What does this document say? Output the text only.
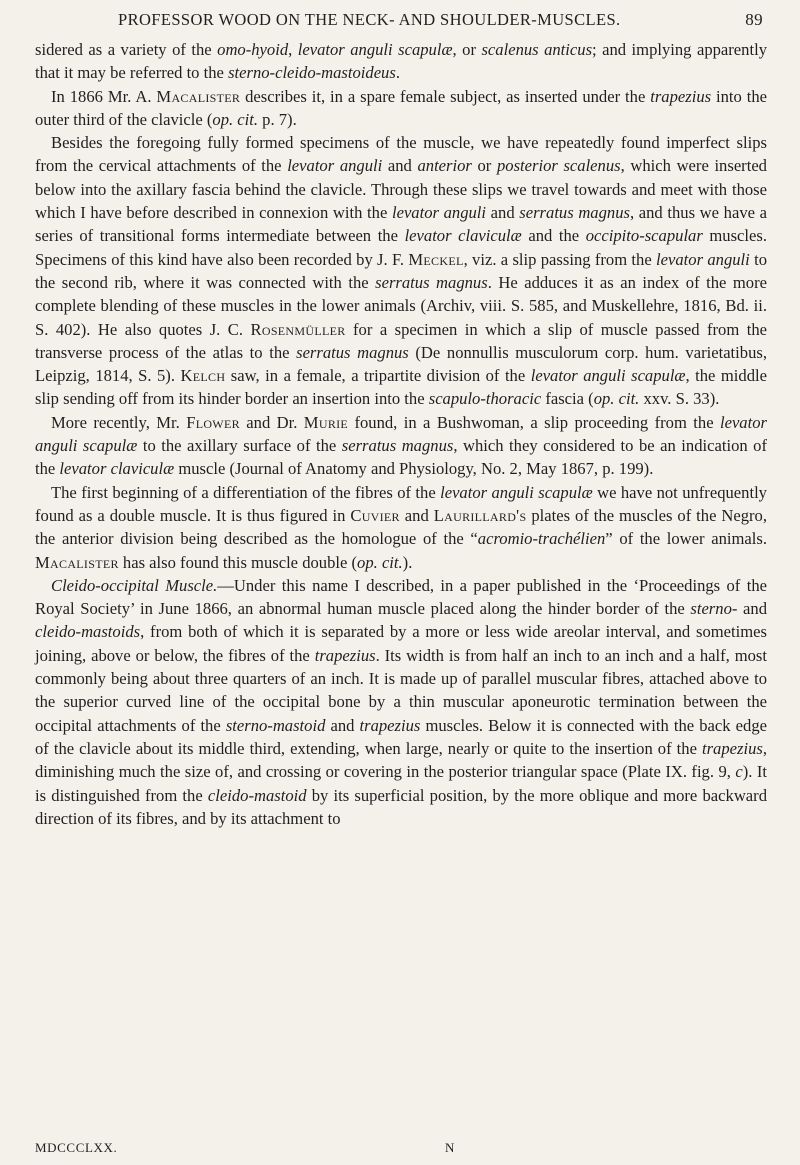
PROFESSOR WOOD ON THE NECK- AND SHOULDER-MUSCLES.	89

sidered as a variety of the omo-hyoid, levator anguli scapulæ, or scalenus anticus; and implying apparently that it may be referred to the sterno-cleido-mastoideus.

In 1866 Mr. A. Macalister describes it, in a spare female subject, as inserted under the trapezius into the outer third of the clavicle (op. cit. p. 7).

Besides the foregoing fully formed specimens of the muscle, we have repeatedly found imperfect slips from the cervical attachments of the levator anguli and anterior or posterior scalenus, which were inserted below into the axillary fascia behind the clavicle. Through these slips we travel towards and meet with those which I have before described in connexion with the levator anguli and serratus magnus, and thus we have a series of transitional forms intermediate between the levator claviculæ and the occipito-scapular muscles. Specimens of this kind have also been recorded by J. F. Meckel, viz. a slip passing from the levator anguli to the second rib, where it was connected with the serratus magnus. He adduces it as an index of the more complete blending of these muscles in the lower animals (Archiv, viii. S. 585, and Muskellehre, 1816, Bd. ii. S. 402). He also quotes J. C. Rosenmüller for a specimen in which a slip of muscle passed from the transverse process of the atlas to the serratus magnus (De nonnullis musculorum corp. hum. varietatibus, Leipzig, 1814, S. 5). Kelch saw, in a female, a tripartite division of the levator anguli scapulæ, the middle slip sending off from its hinder border an insertion into the scapulo-thoracic fascia (op. cit. xxv. S. 33).

More recently, Mr. Flower and Dr. Murie found, in a Bushwoman, a slip proceeding from the levator anguli scapulæ to the axillary surface of the serratus magnus, which they considered to be an indication of the levator claviculæ muscle (Journal of Anatomy and Physiology, No. 2, May 1867, p. 199).

The first beginning of a differentiation of the fibres of the levator anguli scapulæ we have not unfrequently found as a double muscle. It is thus figured in Cuvier and Laurillard's plates of the muscles of the Negro, the anterior division being described as the homologue of the “acromio-trachélien” of the lower animals. Macalister has also found this muscle double (op. cit.).

Cleido-occipital Muscle.—Under this name I described, in a paper published in the ‘Proceedings of the Royal Society’ in June 1866, an abnormal human muscle placed along the hinder border of the sterno- and cleido-mastoids, from both of which it is separated by a more or less wide areolar interval, and sometimes joining, above or below, the fibres of the trapezius. Its width is from half an inch to an inch and a half, most commonly being about three quarters of an inch. It is made up of parallel muscular fibres, attached above to the superior curved line of the occipital bone by a thin muscular aponeurotic termination between the occipital attachments of the sterno-mastoid and trapezius muscles. Below it is connected with the back edge of the clavicle about its middle third, extending, when large, nearly or quite to the insertion of the trapezius, diminishing much the size of, and crossing or covering in the posterior triangular space (Plate IX. fig. 9, c). It is distinguished from the cleido-mastoid by its superficial position, by the more oblique and more backward direction of its fibres, and by its attachment to

MDCCCLXX.	N
